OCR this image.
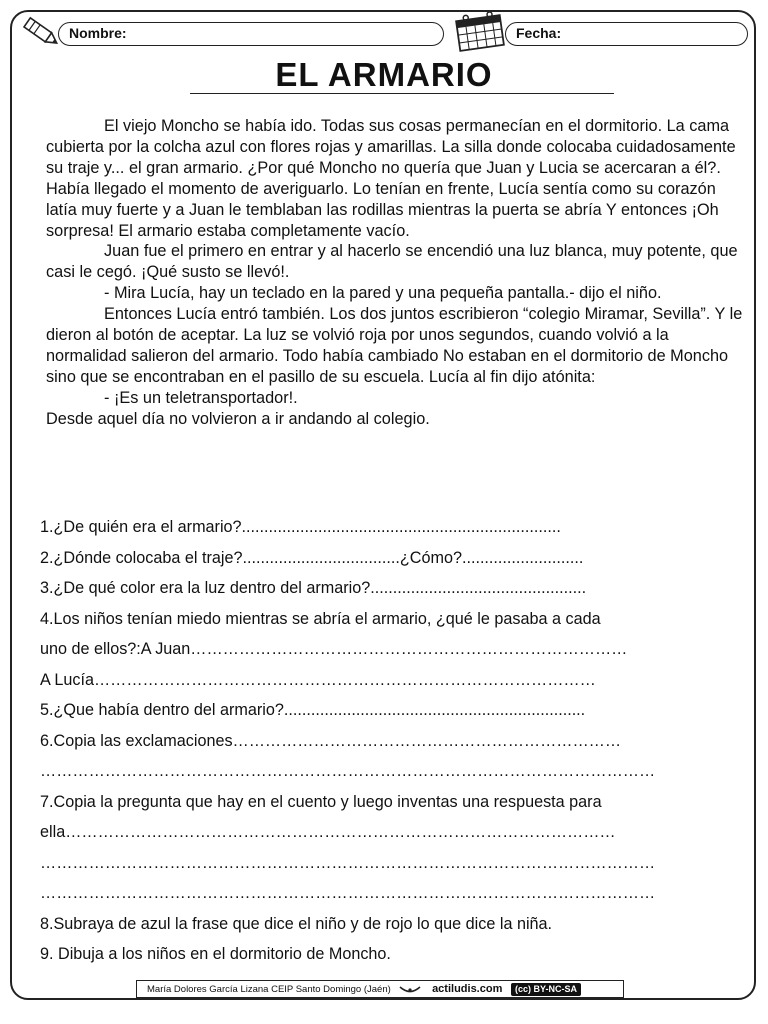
Nombre:	Fecha:
EL ARMARIO

El viejo Moncho se había ido. Todas sus cosas permanecían en el dormitorio. La cama cubierta por la colcha azul con flores rojas y amarillas. La silla donde colocaba cuidadosamente su traje y... el gran armario. ¿Por qué Moncho no quería que Juan y Lucia se acercaran a él?. Había llegado el momento de averiguarlo. Lo tenían en frente, Lucía sentía como su corazón latía muy fuerte y a Juan le temblaban las rodillas mientras la puerta se abría Y entonces ¡Oh sorpresa! El armario estaba completamente vacío.

Juan fue el primero en entrar y al hacerlo se encendió una luz blanca, muy potente, que casi le cegó. ¡Qué susto se llevó!.

- Mira Lucía, hay un teclado en la pared y una pequeña pantalla.- dijo el niño.

Entonces Lucía entró también. Los dos juntos escribieron “colegio Miramar, Sevilla”. Y le dieron al botón de aceptar. La luz se volvió roja por unos segundos, cuando volvió a la normalidad salieron del armario. Todo había cambiado No estaban en el dormitorio de Moncho sino que se encontraban en el pasillo de su escuela. Lucía al fin dijo atónita:

- ¡Es un teletransportador!.

Desde aquel día no volvieron a ir andando al colegio.

1.¿De quién era el armario?.......................................................................
2.¿Dónde colocaba el traje?...................................¿Cómo?...........................
3.¿De qué color era la luz dentro del armario?................................................
4.Los niños tenían miedo mientras se abría el armario, ¿qué le pasaba a cada
uno de ellos?:A Juan………………………………………………………………………
A Lucía…………………………………………………………………………………
5.¿Que había dentro del armario?...................................................................
6.Copia las exclamaciones………………………………………………………………
……………………………………………………………………………………………………
7.Copia la pregunta que hay en el cuento y luego inventas una respuesta para
ella…………………………………………………………………………………………
……………………………………………………………………………………………………
……………………………………………………………………………………………………
8.Subraya de azul la frase que dice el niño y de rojo lo que dice la niña.
9. Dibuja a los niños en el dormitorio de Moncho.
María Dolores García Lizana CEIP Santo Domingo (Jaén)	actiludis.com (cc) BY-NC-SA
